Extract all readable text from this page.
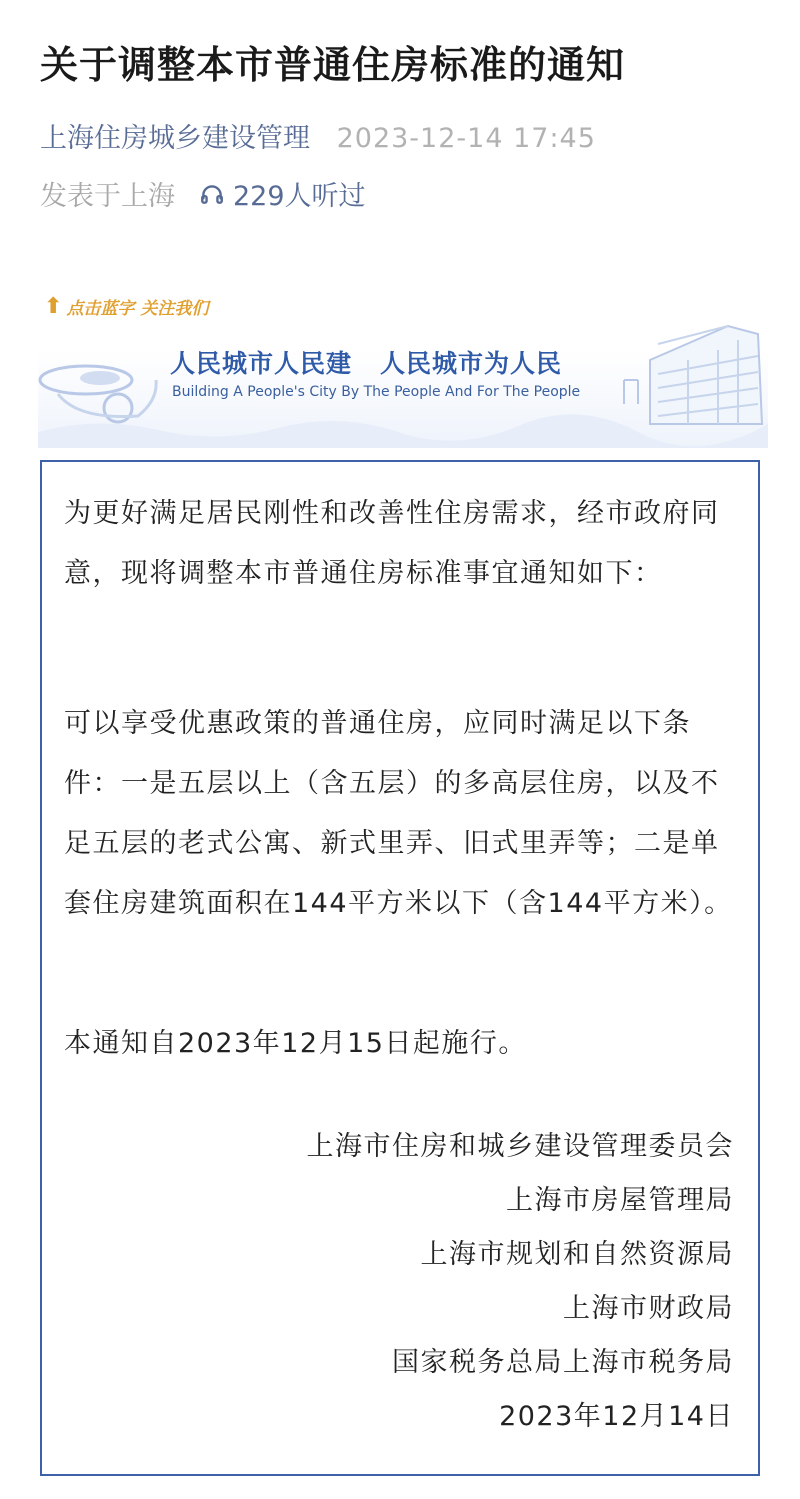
关于调整本市普通住房标准的通知
上海住房城乡建设管理 2023-12-14 17:45
发表于上海 229人听过
⬆ 点击蓝字 关注我们
人民城市人民建 人民城市为人民
Building A People's City By The People And For The People

为更好满足居民刚性和改善性住房需求，经市政府同意，现将调整本市普通住房标准事宜通知如下：

可以享受优惠政策的普通住房，应同时满足以下条件：一是五层以上（含五层）的多高层住房，以及不足五层的老式公寓、新式里弄、旧式里弄等；二是单套住房建筑面积在144平方米以下（含144平方米）。

本通知自2023年12月15日起施行。

上海市住房和城乡建设管理委员会
上海市房屋管理局
上海市规划和自然资源局
上海市财政局
国家税务总局上海市税务局
2023年12月14日
